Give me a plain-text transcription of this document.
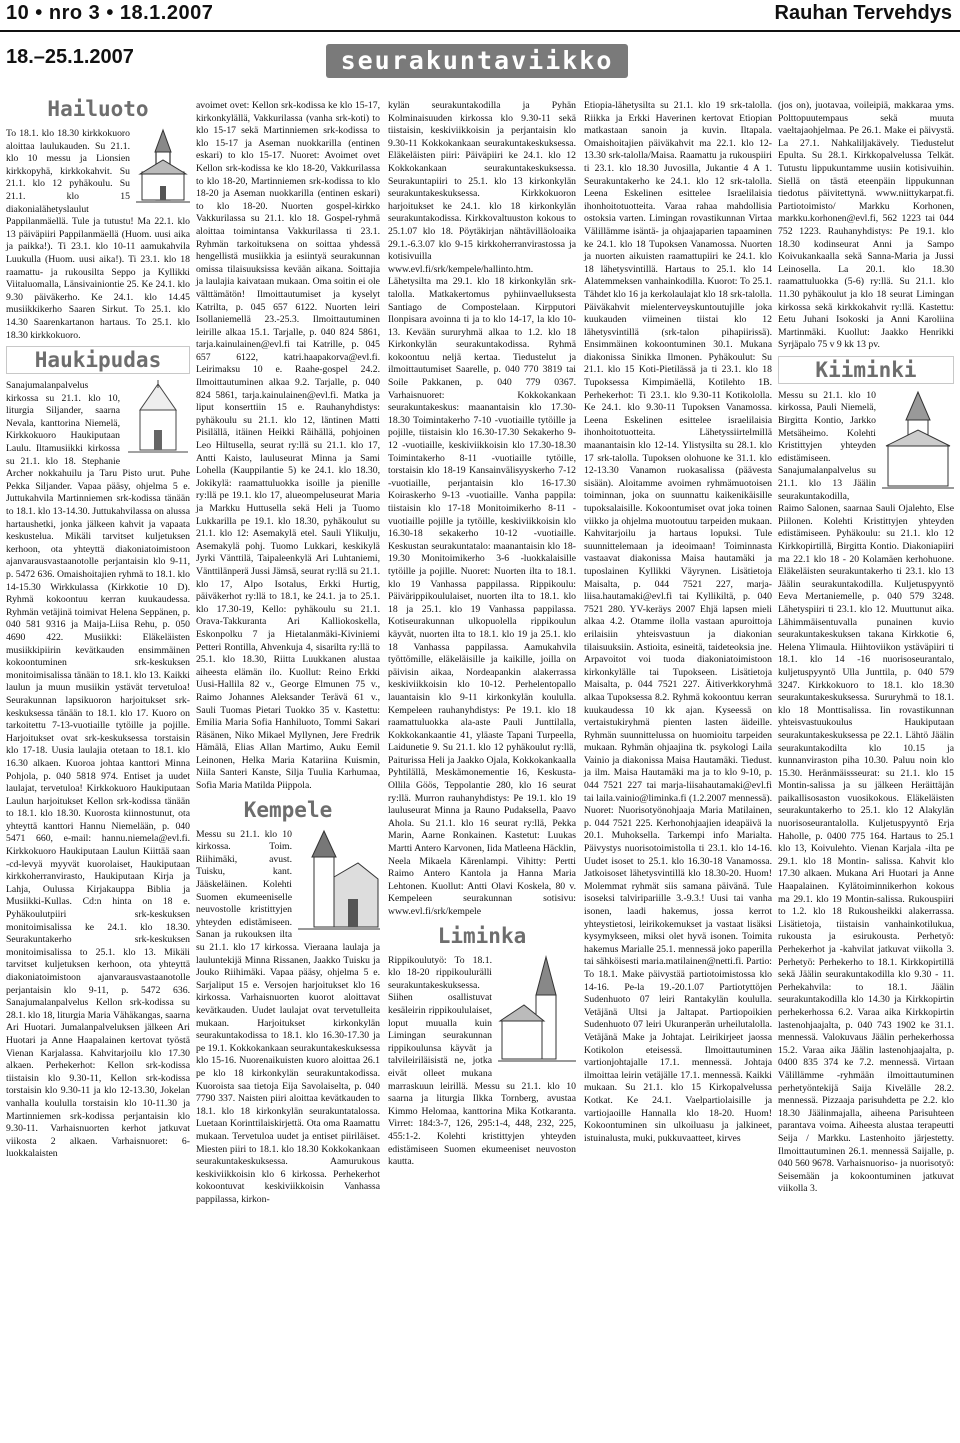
10 • nro 3 • 18.1.2007	Rauhan Tervehdys
18.–25.1.2007	seurakuntaviikko
Hailuoto

To 18.1. klo 18.30 kirkkokuoro aloittaa laulukauden. Su 21.1. klo 10 messu ja Lionsien kirkkopyhä, kirkkokahvit. Su 21.1. klo 12 pyhäkoulu. Su 21.1. klo 15 diakonialähetyslaulut Pappilanmäellä. Tule ja tutustu! Ma 22.1. klo 13 päiväpiiri Pappilanmäellä (Huom. uusi aika ja paikka!). Ti 23.1. klo 10-11 aamukahvila Luukulla (Huom. uusi aika!). Ti 23.1. klo 18 raamattu- ja rukousilta Seppo ja Kyllikki Viitaluomalla, Länsivainiontie 25. Ke 24.1. klo 9.30 päiväkerho. Ke 24.1. klo 14.45 musiikkikerho Saaren Sirkut. To 25.1. klo 14.30 Saarenkartanon hartaus. To 25.1. klo 18.30 kirkkokuoro.

Haukipudas

Sanajumalanpalvelus kirkossa su 21.1. klo 10, liturgia Siljander, saarna Nevala, kanttorina Niemelä, Kirkkokuoro Haukiputaan Laulu. Iltamusiikki kirkossa su 21.1. klo 18. Stephanie Archer nokkahuilu ja Taru Pisto urut. Puhe Pekka Siljander. Vapaa pääsy, ohjelma 5 e. Juttukahvila Martinniemen srk-kodissa tänään to 18.1. klo 13-14.30. Juttukahvilassa on alussa hartaushetki, jonka jälkeen kahvit ja vapaata keskustelua. Mikäli tarvitset kuljetuksen kerhoon, ota yhteyttä diakoniatoimistoon ajanvarausvastaanotolle perjantaisin klo 9-11, p. 5472 636. Omaishoitajien ryhmä to 18.1. klo 14-15.30 Wirkkulassa (Kirkkotie 10 D). Ryhmä kokoontuu kerran kuukaudessa. Ryhmän vetäjinä toimivat Helena Seppänen, p. 040 581 9316 ja Maija-Liisa Rehu, p. 050 4690 422. Musiikki: Eläkeläisten musiikkipiirin kevätkauden ensimmäinen kokoontuminen srk-keskuksen monitoimisalissa tänään to 18.1. klo 13. Kaikki laulun ja muun musiikin ystävät tervetuloa! Seurakunnan lapsikuoron harjoitukset srk-keskuksessa tänään to 18.1. klo 17. Kuoro on tarkoitettu 7-13-vuotiaille tytöille ja pojille. Harjoitukset ovat srk-keskuksessa torstaisin klo 17-18. Uusia laulajia otetaan to 18.1. klo 16.30 alkaen. Kuoroa johtaa kanttori Minna Pohjola, p. 040 5818 974. Entiset ja uudet laulajat, tervetuloa! Kirkkokuoro Haukiputaan Laulun harjoitukset Kellon srk-kodissa tänään to 18.1. klo 18.30. Kuorosta kiinnostunut, ota yhteyttä kanttori Hannu Niemelään, p. 040 5471 660, e-mail: hannu.niemela@evl.fi. Kirkkokuoro Haukiputaan Laulun Kiittää saan -cd-levyä myyvät kuorolaiset, Haukiputaan kirkkoherranvirasto, Haukiputaan Kirja ja Lahja, Oulussa Kirjakauppa Biblia ja Musiikki-Kullas. Cd:n hinta on 18 e. Pyhäkoulutpiiri srk-keskuksen monitoimisalissa ke 24.1. klo 18.30. Seurakuntakerho srk-keskuksen monitoimisalissa to 25.1. klo 13. Mikäli tarvitset kuljetuksen kerhoon, ota yhteyttä diakoniatoimistoon ajanvarausvastaanotolle perjantaisin klo 9-11, p. 5472 636. Sanajumalanpalvelus Kellon srk-kodissa su 28.1. klo 18, liturgia Maria Vähäkangas, saarna Ari Huotari. Jumalanpalveluksen jälkeen Ari Huotari ja Anne Haapalainen kertovat työstä Vienan Karjalassa. Kahvitarjoilu klo 17.30 alkaen. Perhekerhot: Kellon srk-kodissa tiistaisin klo 9.30-11, Kellon srk-kodissa torstaisin klo 9.30-11 ja klo 12-13.30, Jokelan vanhalla koululla torstaisin klo 10-11.30 ja Martinniemen srk-kodissa perjantaisin klo 9.30-11. Varhaisnuorten kerhot jatkuvat viikosta 2 alkaen. Varhaisnuoret: 6-luokkalaisten

avoimet ovet: Kellon srk-kodissa ke klo 15-17, kirkonkylällä, Vakkurilassa (vanha srk-koti) to klo 15-17 sekä Martinniemen srk-kodissa to klo 15-17 ja Aseman nuokkarilla (entinen eskari) to klo 15-17. Nuoret: Avoimet ovet Kellon srk-kodissa ke klo 18-20, Vakkurilassa to klo 18-20, Martinniemen srk-kodissa to klo 18-20 ja Aseman nuokkarilla (entinen eskari) to klo 18-20. Nuorten gospel-kirkko Vakkurilassa su 21.1. klo 18. Gospel-ryhmä aloittaa toimintansa Vakkurilassa ti 23.1. Ryhmän tarkoituksena on soittaa yhdessä hengellistä musiikkia ja esiintyä seurakunnan omissa tilaisuuksissa kevään aikana. Soittajia ja laulajia kaivataan mukaan. Oma soitin ei ole välttämätön! Ilmoittautumiset ja kyselyt Katrilta, p. 045 657 6122. Nuorten leiri Isollaniemellä 23.-25.3. Ilmoittautuminen leirille alkaa 15.1. Tarjalle, p. 040 824 5861, tarja.kainulainen@evl.fi tai Katrille, p. 045 657 6122, katri.haapakorva@evl.fi. Leirimaksu 10 e. Raahe-gospel 24.2. Ilmoittautuminen alkaa 9.2. Tarjalle, p. 040 824 5861, tarja.kainulainen@evl.fi. Matka ja liput konserttiin 15 e. Rauhanyhdistys: pyhäkoulu su 21.1. klo 12, läntinen Matti Pisilällä, itäinen Heikki Räihällä, pohjoinen Leo Hiltusella, seurat ry:llä su 21.1. klo 17, Antti Kaisto, lauluseurat Minna ja Sami Lohella (Kauppilantie 5) ke 24.1. klo 18.30, Jokikylä: raamattuluokka isoille ja pienille ry:llä pe 19.1. klo 17, alueompeluseurat Maria ja Markku Huttusella sekä Heli ja Tuomo Lukkarilla pe 19.1. klo 18.30, pyhäkoulut su 21.1. klo 12: Asemakylä etel. Sauli Ylikulju, Asemakylä pohj. Tuomo Lukkari, keskikylä Jyrki Vänttilä, Taipaleenkylä Ari Luhtaniemi, Vänttilänperä Jussi Jämsä, seurat ry:llä su 21.1. klo 17, Alpo Isotalus, Erkki Hurtig, päiväkerhot ry:llä to 18.1, ke 24.1. ja to 25.1. klo 17.30-19, Kello: pyhäkoulu su 21.1. Orava-Takkuranta Ari Kalliokoskella, Eskonpolku 7 ja Hietalanmäki-Kiviniemi Petteri Rontilla, Ahvenkuja 4, sisarilta ry:llä to 25.1. klo 18.30, Riitta Luukkanen alustaa aiheesta elämän ilo. Kuollut: Reino Erkki Uusi-Hallila 82 v., George Elmunen 75 v., Raimo Johannes Aleksander Terävä 61 v., Sauli Tuomas Pietari Tuokko 35 v. Kastettu: Emilia Maria Sofia Hanhiluoto, Tommi Sakari Räsänen, Niko Mikael Myllynen, Jere Fredrik Hämälä, Elias Allan Martimo, Auku Eemil Leinonen, Helka Maria Katariina Kuismin, Niila Santeri Kanste, Silja Tuulia Karhumaa, Sofia Maria Matilda Piippola.

Kempele

Messu su 21.1. klo 10 kirkossa. Toim. Riihimäki, avust. Tuisku, kant. Jääskeläinen. Kolehti Suomen ekumeeniselle neuvostolle kristittyjen yhteyden edistämiseen. Sanan ja rukouksen ilta su 21.1. klo 17 kirkossa. Vieraana laulaja ja lauluntekijä Minna Rissanen, Jaakko Tuisku ja Jouko Riihimäki. Vapaa pääsy, ohjelma 5 e. Sarjaliput 15 e. Versojen harjoitukset klo 16 kirkossa. Varhaisnuorten kuorot aloittavat kevätkauden. Uudet laulajat ovat tervetulleita mukaan. Harjoitukset kirkonkylän seurakuntakodissa to 18.1. klo 16.30-17.30 ja pe 19.1. Kokkokankaan seurakuntakeskuksessa klo 15-16. Nuorenaikuisten kuoro aloittaa 26.1 pe klo 18 kirkonkylän seurakuntakodissa. Kuoroista saa tietoja Eija Savolaiselta, p. 040 7790 337. Naisten piiri aloittaa kevätkauden to 18.1. klo 18 kirkonkylän seurakuntatalossa. Luetaan Korinttilaiskirjettä. Ota oma Raamattu mukaan. Tervetuloa uudet ja entiset piiriläiset. Miesten piiri to 18.1. klo 18.30 Kokkokankaan seurakuntakeskuksessa. Aamurukous keskiviikkoisin klo 6 kirkossa. Perhekerhot kokoontuvat keskiviikkoisin Vanhassa pappilassa, kirkon-

kylän seurakuntakodilla ja Pyhän Kolminaisuuden kirkossa klo 9.30-11 sekä tiistaisin, keskiviikkoisin ja perjantaisin klo 9.30-11 Kokkokankaan seurakuntakeskuksessa. Eläkeläisten piiri: Päiväpiiri ke 24.1. klo 12 Kokkokankaan seurakuntakeskuksessa. Seurakuntapiiri to 25.1. klo 13 kirkonkylän seurakuntakeskuksessa. Kirkkokuoron harjoitukset ke 24.1. klo 18 kirkonkylän seurakuntakodissa. Kirkkovaltuuston kokous to 25.1.07 klo 18. Pöytäkirjan nähtävilläoloaika 29.1.-6.3.07 klo 9-15 kirkkoherranvirastossa ja kotisivuilla www.evl.fi/srk/kempele/hallinto.htm. Lähetysilta ma 29.1. klo 18 kirkonkylän srk-talolla. Matkakertomus pyhiinvaelluksesta Santiago de Compostelaan. Kirpputori Ilonpisara avoinna ti ja to klo 14-17, la klo 10-13. Kevään sururyhmä alkaa to 1.2. klo 18 Kirkonkylän seurakuntakodissa. Ryhmä kokoontuu neljä kertaa. Tiedustelut ja ilmoittautumiset Saarelle, p. 040 770 3819 tai Soile Pakkanen, p. 040 779 0367. Varhaisnuoret: Kokkokankaan seurakuntakeskus: maanantaisin klo 17.30-18.30 Toimintakerho 7-10 -vuotiaille tytöille ja pojille, tiistaisin klo 16.30-17.30 Sekakerho 9-12 -vuotiaille, keskiviikkoisin klo 17.30-18.30 Toimintakerho 8-11 -vuotiaille tytöille, torstaisin klo 18-19 Kansainvälisyyskerho 7-12 -vuotiaille, perjantaisin klo 16-17.30 Koiraskerho 9-13 -vuotiaille. Vanha pappila: tiistaisin klo 17-18 Monitoimikerho 8-11 -vuotiaille pojille ja tytöille, keskiviikkoisin klo 16.30-18 sekakerho 10-12 -vuotiaille. Keskustan seurakuntatalo: maanantaisin klo 18-19.30 Monitoimikerho 3-6 -luokkalaisille tytöille ja pojille. Nuoret: Nuorten ilta to 18.1. klo 19 Vanhassa pappilassa. Rippikoulu: Päivärippikoululaiset, nuorten ilta to 18.1. klo 18 ja 25.1. klo 19 Vanhassa pappilassa. Kotiseurakunnan ulkopuolella rippikoulun käyvät, nuorten ilta to 18.1. klo 19 ja 25.1. klo 18 Vanhassa pappilassa. Aamukahvila työttömille, eläkeläisille ja kaikille, joilla on päivisin aikaa, Nordeapankin alakerrassa keskiviikkoisin klo 10-12. Perhelentopallo lauantaisin klo 9-11 kirkonkylän koululla. Kempeleen rauhanyhdistys: Pe 19.1. klo 18 raamattuluokka ala-aste Pauli Junttilalla, Kokkokankaantie 41, yläaste Tapani Turpeella, Laidunetie 9. Su 21.1. klo 12 pyhäkoulut ry:llä, Paiturissa Heli ja Jaakko Ojala, Kokkokankaalla Pyhtilällä, Meskämonementie 16, Keskusta-Ollila Göös, Teppolantie 280, klo 16 seurat ry:llä. Murron rauhanyhdistys: Pe 19.1. klo 19 lauluseurat Minna ja Rauno Pudaksella, Paavo Ahola. Su 21.1. klo 16 seurat ry:llä, Pekka Marin, Aarne Ronkainen. Kastetut: Luukas Martti Antero Karvonen, Iida Matleena Häcklin, Neela Mikaela Kärenlampi. Vihitty: Pertti Raimo Antero Kantola ja Hanna Maria Lehtonen. Kuollut: Antti Olavi Koskela, 80 v. Kempeleen seurakunnan sotisivu: www.evl.fi/srk/kempele

Liminka

Rippikoulutyö: To 18.1. klo 18-20 rippikoulurälli seurakuntakeskuksessa. Siihen osallistuvat kesäleirin rippikoululaiset, loput muualla kuin Limingan seurakunnan rippikoulunsa käyvät ja talvileiriläisistä ne, jotka eivät olleet mukana marraskuun leirillä. Messu su 21.1. klo 10 saarna ja liturgia Ilkka Tornberg, avustaa Kimmo Helomaa, kanttorina Mika Kotkaranta. Virret: 184:3-7, 126, 295:1-4, 448, 232, 225, 455:1-2. Kolehti kristittyjen yhteyden edistämiseen Suomen ekumeeniset neuvoston kautta.

Etiopia-lähetysilta su 21.1. klo 19 srk-talolla. Riikka ja Erkki Haverinen kertovat Etiopian matkastaan sanoin ja kuvin. Iltapala. Omaishoitajien päiväkahvit ma 22.1. klo 12-13.30 srk-talolla/Maisa. Raamattu ja rukouspiiri ti 23.1. klo 18.30 Juvosilla, Jukantie 4 A 1. Seurakuntakerho ke 24.1. klo 12 srk-talolla. Leena Eskelinen esittelee Israelilaisia ihonhoitotuotteita. Varaa rahaa mahdollisia ostoksia varten. Limingan rovastikunnan Virtaa Välillämme isäntä- ja ohjaajaparien tapaaminen ke 24.1. klo 18 Tupoksen Vanamossa. Nuorten ja nuorten aikuisten raamattupiiri ke 24.1. klo 18 lähetysvintillä. Hartaus to 25.1. klo 14 Alatemmeksen vanhainkodilla. Kuorot: To 25.1. Tähdet klo 16 ja kerkolaulajat klo 18 srk-talolla. Päiväkahvit mielenterveyskuntoutujille joka kuukauden viimeinen tiistai klo 12 lähetysvintillä (srk-talon pihapiirissä). Ensimmäinen kokoontuminen 30.1. Mukana diakonissa Sinikka Ilmonen. Pyhäkoulut: Su 21.1. klo 15 Koti-Pietilässä ja ti 23.1. klo 18 Tupoksessa Kimpimäellä, Kotilehto 1B. Perhekerhot: Ti 23.1. klo 9.30-11 Kotikololla. Ke 24.1. klo 9.30-11 Tupoksen Vanamossa. Leena Eskelinen esittelee israelilaisia ihonhoitotuotteita. Lähetyssiirtelmillä maanantaisin klo 12-14. Ylistysilta su 28.1. klo 17 srk-talolla. Tupoksen olohuone ke 31.1. klo 12-13.30 Vanamon ruokasalissa (päävesta sisään). Aloitamme avoimen ryhmämuotoisen toiminnan, joka on suunnattu kaikenikäisille tupoksalaisille. Kokoontumiset ovat joka toinen viikko ja ohjelma muotoutuu tarpeiden mukaan. Kahvitarjoilu ja hartaus lopuksi. Tule suunnittelemaan ja ideoimaan! Toiminnasta vastaavat diakonissa Maisa hautamäki ja tuposlainen Kyllikki Väyrynen. Lisätietoja Maisalta, p. 044 7521 227, marja-liisa.hautamaki@evl.fi tai Kyllikiltä, p. 040 7521 280. YV-keräys 2007 Ehjä lapsen mieli alkaa 4.2. Otamme ilolla vastaan apuroittoja erilaisiin yhteisvastuun ja diakonian tilaisuuksiin. Astioita, esineitä, taideteoksia jne. Arpavoitot voi tuoda diakoniatoimistoon kirkonkylälle tai Tupokseen. Lisätietoja Maisalta, p. 044 7521 227. Äitiverkkoryhmä alkaa Tupoksessa 8.2. Ryhmä kokoontuu kerran kuukaudessa 10 kk ajan. Kyseessä on vertaistukiryhmä pienten lasten äideille. Ryhmän suunnittelussa on huomioitu tarpeiden mukaan. Ryhmän ohjaajina tk. psykologi Laila Vainio ja diakonissa Maisa Hautamäki. Tiedust. ja ilm. Maisa Hautamäki ma ja to klo 9-10, p. 044 7521 227 tai marja-liisahautamaki@evl.fi tai laila.vainio@liminka.fi (1.2.2007 mennessä). Nuoret: Nuorisotyönohjaaja Maria Matilainen, p. 044 7521 225. Kerhonohjaajien ideapäivä la 20.1. Muhoksella. Tarkempi info Marialta. Päivystys nuorisotoimistolla ti 23.1. klo 14-16. Uudet isoset to 25.1. klo 16.30-18 Vanamossa. Jatkoisoset lähetysvintillä klo 18.30-20. Huom! Molemmat ryhmät siis samana päivänä. Tule isoseksi talviripariille 3.-9.3.! Uusi tai vanha isonen, laadi hakemus, jossa kerrot yhteystietosi, leirikokemukset ja vastaat lisäksi kysymykseen, miksi olet hyvä isonen. Toimita hakemus Marialle 25.1. mennessä joko paperilla tai sähköisesti maria.matilainen@netti.fi. Partio: To 18.1. Make päivystää partiotoimistossa klo 14-16. Pe-la 19.-20.1.07 Partiotyttöjen Sudenhuoto 07 leiri Rantakylän koululla. Vetäjänä Ultsi ja Jaltapat. Partiopoikien Sudenhuoto 07 leiri Ukuranperän urheilutalolla. Vetäjänä Make ja Johtajat. Leirikirjeet jaossa Kotikolon eteisessä. Ilmoittautuminen vartionjohtajalle 17.1. mennessä. Johtaja ilmoittaa leirin vetäjälle 17.1. mennessä. Kaikki mukaan. Su 21.1. klo 15 Kirkopalvelussa Kotkat. Ke 24.1. Vaelpartiolaisille ja vartiojaoille Hannalla klo 18-20. Huom! Kokoontuminen sin ulkoiluasu ja jalkineet, istuinalusta, muki, pukkuvaatteet, kirves

(jos on), juotavaa, voileipiä, makkaraa yms. Polttopuutempaus sekä muuta vaeltajaohjelmaa. Pe 26.1. Make ei päivystä. La 27.1. Nahkaliljakävely. Tiedustelut Epulta. Su 28.1. Kirkkopalvelussa Telkät. Tutustu lippukuntamme uusiin kotisivuihin. Siellä on tästä eteenpäin lippukunnan tiedotus päivitettynä. www.niittykarpat.fi. Partiotoimisto/ Markku Korhonen, markku.korhonen@evl.fi, 562 1223 tai 044 752 1223. Rauhanyhdistys: Pe 19.1. klo 18.30 kodinseurat Anni ja Sampo Koivukankaalla sekä Sanna-Maria ja Jussi Leinosella. La 20.1. klo 18.30 raamattuluokka (5-6) ry:llä. Su 21.1. klo 11.30 pyhäkoulut ja klo 18 seurat Limingan kirkossa sekä kirkkokahvit ry:llä. Kastettu: Eetu Juhani Isokoski ja Anni Karoliina Martinmäki. Kuollut: Jaakko Henrikki Syrjäpalo 75 v 9 kk 13 pv.

Kiiminki

Messu su 21.1. klo 10 kirkossa, Pauli Niemelä, Birgitta Kontio, Jarkko Metsäheimo. Kolehti Kristittyjen yhteyden edistämiseen. Sanajumalanpalvelus su 21.1. klo 13 Jäälin seurakuntakodilla, Raimo Salonen, saarnaa Sauli Ojalehto, Else Piilonen. Kolehti Kristittyjen yhteyden edistämiseen. Pyhäkoulu: su 21.1. klo 12 Kirkkopirtillä, Birgitta Kontio. Diakoniapiiri ma 22.1 klo 18 - 20 Kolamäen kerhohuone. Eläkeläisten seurakuntakerho ti 23.1. klo 13 Jäälin seurakuntakodilla. Kuljetuspyyntö Eeva Mertaniemelle, p. 040 579 3248. Lähetyspiiri ti 23.1. klo 12. Muuttunut aika. Lähimmäisentuvalla punainen kuvio seurakuntakeskuksen takana Kirkkotie 6, Helena Ylimaula. Hiihtoviikon ystäväpiiri ti 18.1. klo 14 -16 nuorisoseurantalo, kuljetuspyyntö Ulla Junttila, p. 040 579 3247. Kirkkokuoro to 18.1. klo 18.30 seurakuntakeskuksessa. Sururyhmä to 18.1. klo 18 Monttisalissa. Iin rovastikunnan yhteisvastuukoulus Haukiputaan seurakuntakeskuksessa pe 22.1. Lähtö Jäälin seurakuntakodilta klo 10.15 ja kunnanviraston piha 10.30. Paluu noin klo 15.30. Heränmäissseurat: su 21.1. klo 15 Montin-salissa ja su jälkeen Heräittäjän paikallisosaston vuosikokous. Eläkeläisten seurakuntakerho to 25.1. klo 12 Alakylän nuorisoseurantalolla. Kuljetuspyyntö Erja Haholle, p. 0400 775 164. Hartaus to 25.1 klo 13, Koivulehto. Vienan Karjala -ilta pe 29.1. klo 18 Montin- salissa. Kahvit klo 17.30 alkaen. Mukana Ari Huotari ja Anne Haapalainen. Kylätoiminnikerhon kokous ma 29.1. klo 19 Montin-salissa. Rukouspiiri to 1.2. klo 18 Rukousheikki alakerrassa. Lisätietoja, tiistaisin vanhainkotilukua, rukousta ja esirukousta. Perhetyö: Perhekerhot ja -kahvilat jatkuvat viikolla 3. Perhetyö: Perhekerho to 18.1. Kirkkopirtillä sekä Jäälin seurakuntakodilla klo 9.30 - 11. Perhekahvila: to 18.1. Jäälin seurakuntakodilla klo 14.30 ja Kirkkopirtin perhekerhossa 6.2. Varaa aika Kirkkopirtin lastenohjaajalta, p. 040 743 1902 ke 31.1. mennessä. Valokuvaus Jäälin perhekerhossa 15.2. Varaa aika Jäälin lastenohjaajalta, p. 0400 835 374 ke 7.2. mennessä. Virtaan Välillämme -ryhmään ilmoittautuminen perhetyöntekijä Saija Kivelälle 28.2. mennessä. Pizzaaja parisuhdetta pe 2.2. klo 18.30 Jäälinmajalla, aiheena Parisuhteen parantava voima. Aiheesta alustaa terapeutti Seija / Markku. Lastenhoito järjestetty. Ilmoittautuminen 26.1. mennessä Saijalle, p. 040 560 9678. Varhaisnuoriso- ja nuorisotyö: Seisemään ja kokoontuminen jatkuvat viikolla 3.
